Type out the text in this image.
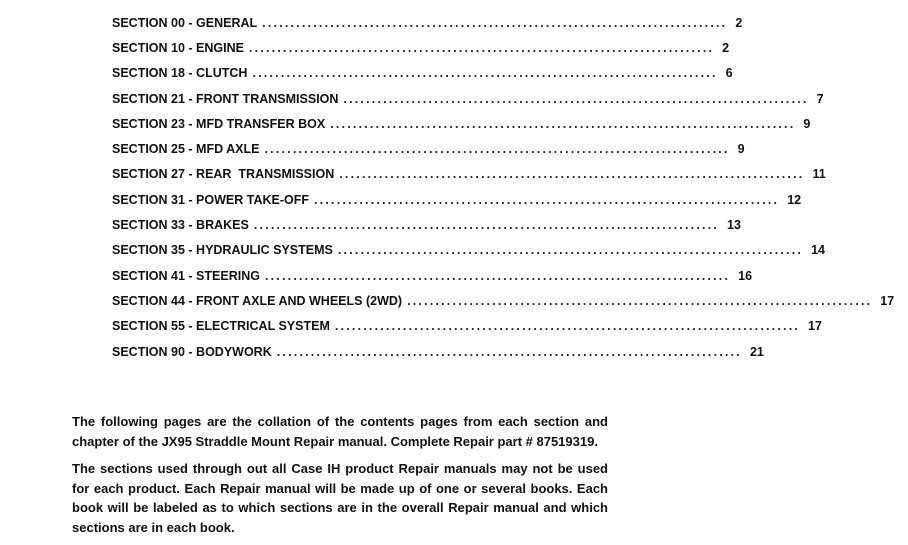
SECTION 00 - GENERAL .................................................................................. 2
SECTION 10 - ENGINE .................................................................................. 2
SECTION 18 - CLUTCH .................................................................................. 6
SECTION 21 - FRONT TRANSMISSION .................................................................................. 7
SECTION 23 - MFD TRANSFER BOX .................................................................................. 9
SECTION 25 - MFD AXLE .................................................................................. 9
SECTION 27 - REAR  TRANSMISSION .................................................................................. 11
SECTION 31 - POWER TAKE-OFF .................................................................................. 12
SECTION 33 - BRAKES .................................................................................. 13
SECTION 35 - HYDRAULIC SYSTEMS .................................................................................. 14
SECTION 41 - STEERING .................................................................................. 16
SECTION 44 - FRONT AXLE AND WHEELS (2WD) .................................................................................. 17
SECTION 55 - ELECTRICAL SYSTEM .................................................................................. 17
SECTION 90 - BODYWORK .................................................................................. 21

The following pages are the collation of the contents pages from each section and chapter of the JX95 Straddle Mount Repair manual. Complete Repair part # 87519319.

The sections used through out all Case IH product Repair manuals may not be used for each product. Each Repair manual will be made up of one or several books. Each book will be labeled as to which sections are in the overall Repair manual and which sections are in each book.
